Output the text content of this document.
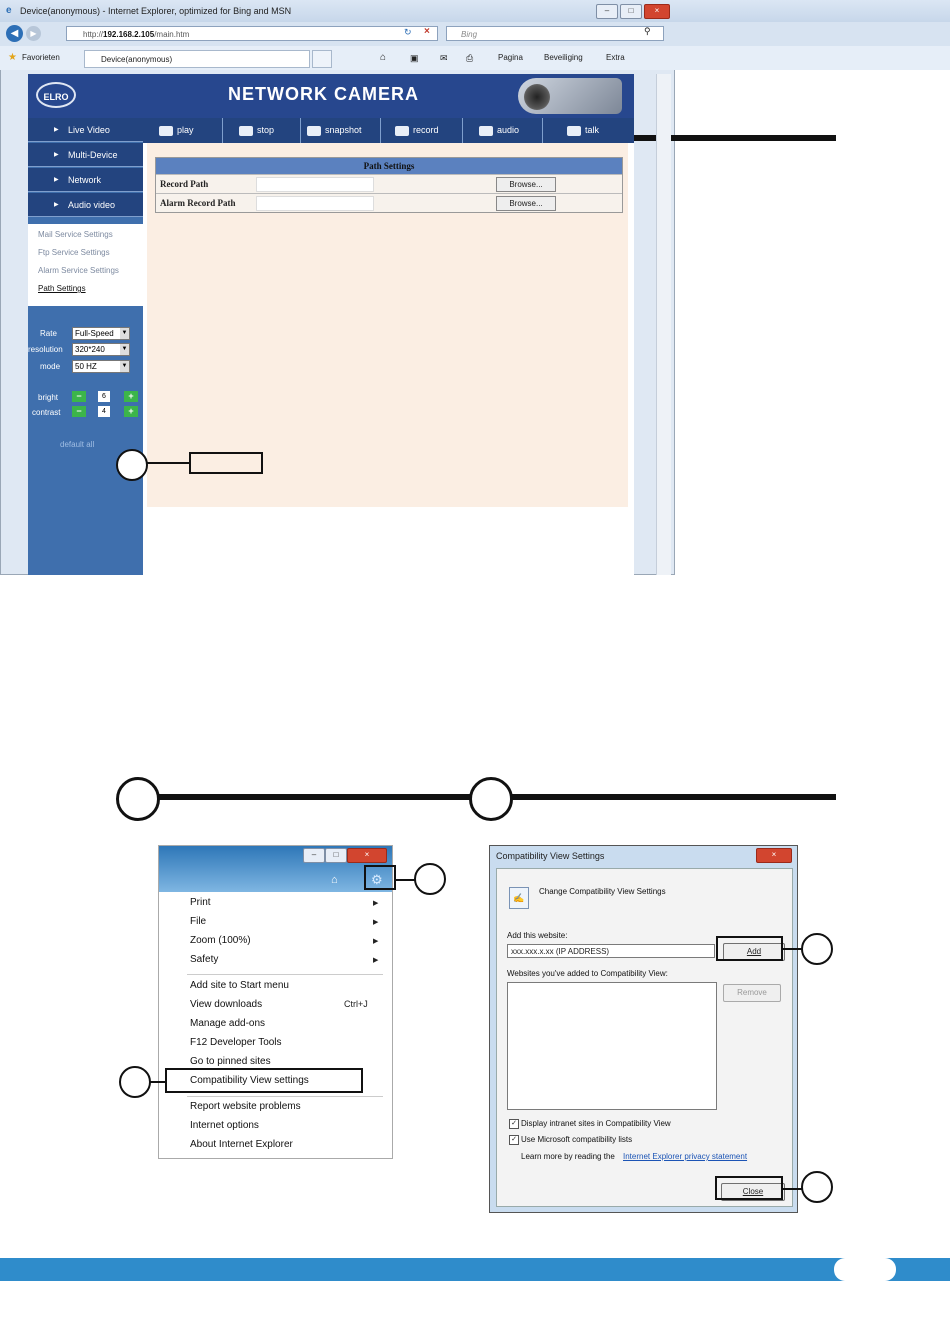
e Device(anonymous) - Internet Explorer, optimized for Bing and MSN	–	□	×
◀	▶	http://192.168.2.105/main.htm	↻ ×	Bing	⚲
★ Favorieten	Device(anonymous)	⌂	▣ ✉ ⎙	Pagina	Beveiliging	Extra
ELRO	NETWORK CAMERA
▶ Live Video
▶ Multi-Device
▶ Network
▶ Audio video
Mail Service Settings
Ftp Service Settings
Alarm Service Settings
Path Settings
Rate	Full-Speed ▼
resolution	320*240	▼
mode	50 HZ	▼
bright	−	6	+
contrast	−	4	+
default all
play	stop	snapshot	record	audio	talk
Path Settings
Record Path	Browse...
Alarm Record Path	Browse...
–	□	×
⌂	⚙
Print	▶
File	▶
Zoom (100%)	▶
Safety	▶
Add site to Start menu
View downloads	Ctrl+J
Manage add-ons
F12 Developer Tools
Go to pinned sites
Compatibility View settings
Report website problems
Internet options
About Internet Explorer
Compatibility View Settings	×
✍
Change Compatibility View Settings
Add this website:
xxx.xxx.x.xx (IP ADDRESS)	Add
Websites you've added to Compatibility View:
Remove
✓ Display intranet sites in Compatibility View
✓ Use Microsoft compatibility lists
Learn more by reading the Internet Explorer privacy statement
Close
